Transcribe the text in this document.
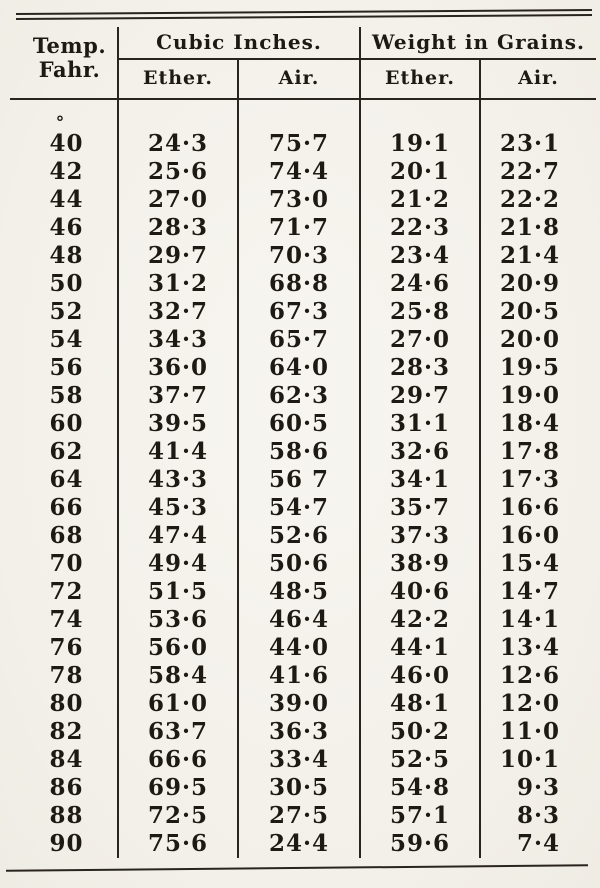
Temp.
Fahr.	Cubic Inches.		Weight in Grains.	
	Ether.	Air.	Ether.	Air.

°
40	24·3	75·7	19·1	23·1
42	25·6	74·4	20·1	22·7
44	27·0	73·0	21·2	22·2
46	28·3	71·7	22·3	21·8
48	29·7	70·3	23·4	21·4
50	31·2	68·8	24·6	20·9
52	32·7	67·3	25·8	20·5
54	34·3	65·7	27·0	20·0
56	36·0	64·0	28·3	19·5
58	37·7	62·3	29·7	19·0
60	39·5	60·5	31·1	18·4
62	41·4	58·6	32·6	17·8
64	43·3	56 7	34·1	17·3
66	45·3	54·7	35·7	16·6
68	47·4	52·6	37·3	16·0
70	49·4	50·6	38·9	15·4
72	51·5	48·5	40·6	14·7
74	53·6	46·4	42·2	14·1
76	56·0	44·0	44·1	13·4
78	58·4	41·6	46·0	12·6
80	61·0	39·0	48·1	12·0
82	63·7	36·3	50·2	11·0
84	66·6	33·4	52·5	10·1
86	69·5	30·5	54·8	9·3
88	72·5	27·5	57·1	8·3
90	75·6	24·4	59·6	7·4
